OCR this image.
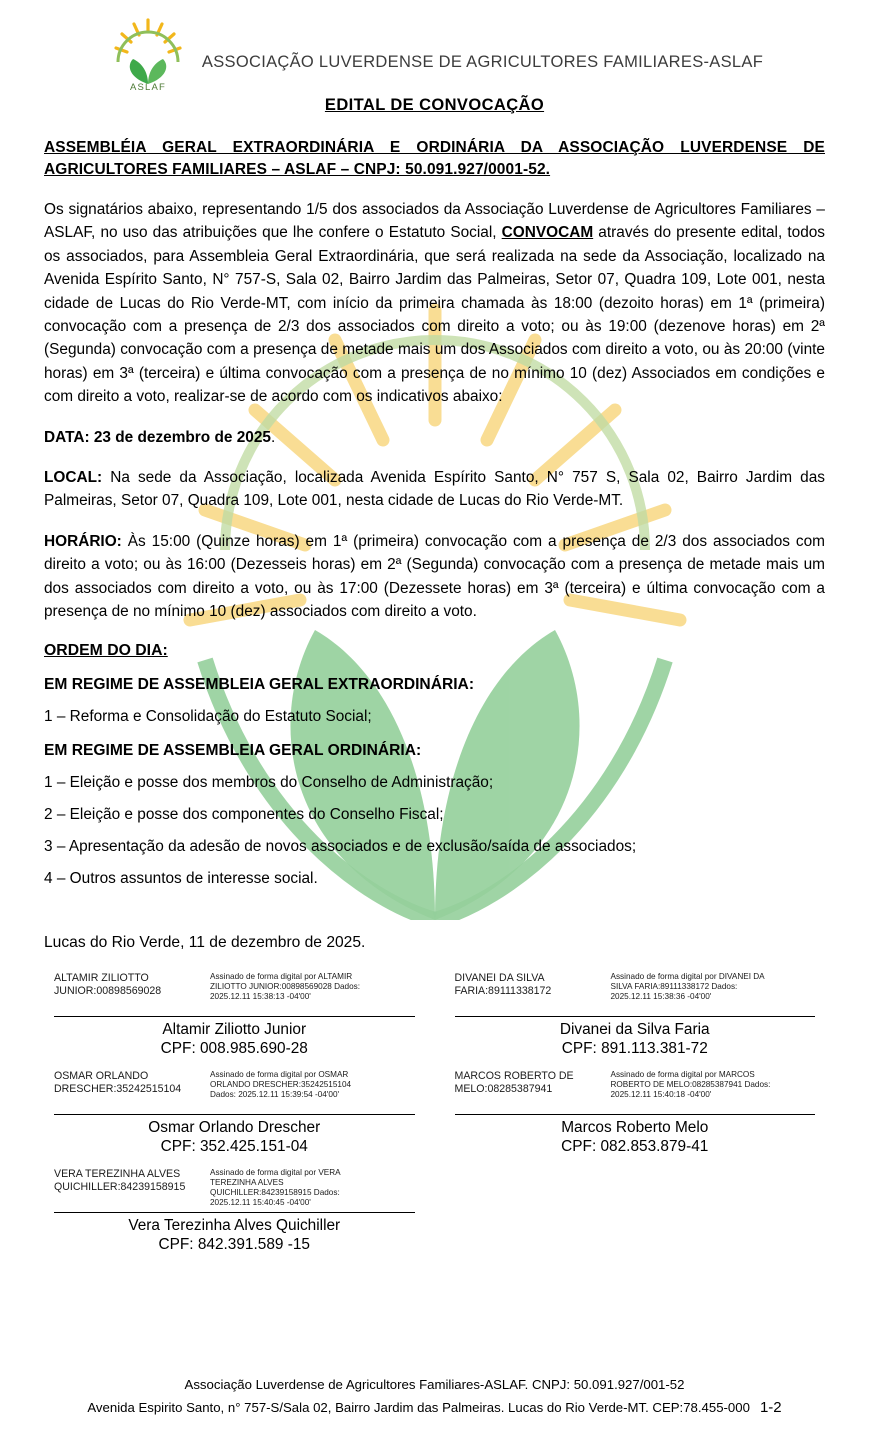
ASLAF
ASSOCIAÇÃO LUVERDENSE DE AGRICULTORES FAMILIARES-ASLAF
EDITAL DE CONVOCAÇÃO
ASSEMBLÉIA GERAL EXTRAORDINÁRIA E ORDINÁRIA DA ASSOCIAÇÃO LUVERDENSE DE AGRICULTORES FAMILIARES – ASLAF – CNPJ: 50.091.927/0001-52.

Os signatários abaixo, representando 1/5 dos associados da Associação Luverdense de Agricultores Familiares – ASLAF, no uso das atribuições que lhe confere o Estatuto Social, CONVOCAM através do presente edital, todos os associados, para Assembleia Geral Extraordinária, que será realizada na sede da Associação, localizado na Avenida Espírito Santo, N° 757-S, Sala 02, Bairro Jardim das Palmeiras, Setor 07, Quadra 109, Lote 001, nesta cidade de Lucas do Rio Verde-MT, com início da primeira chamada às 18:00 (dezoito horas) em 1ª (primeira) convocação com a presença de 2/3 dos associados com direito a voto; ou às 19:00 (dezenove horas) em 2ª (Segunda) convocação com a presença de metade mais um dos Associados com direito a voto, ou às 20:00 (vinte horas) em 3ª (terceira) e última convocação com a presença de no mínimo 10 (dez) Associados em condições e com direito a voto, realizar-se de acordo com os indicativos abaixo:

DATA: 23 de dezembro de 2025.
LOCAL: Na sede da Associação, localizada Avenida Espírito Santo, N° 757 S, Sala 02, Bairro Jardim das Palmeiras, Setor 07, Quadra 109, Lote 001, nesta cidade de Lucas do Rio Verde-MT.
HORÁRIO: Às 15:00 (Quinze horas) em 1ª (primeira) convocação com a presença de 2/3 dos associados com direito a voto; ou às 16:00 (Dezesseis horas) em 2ª (Segunda) convocação com a presença de metade mais um dos associados com direito a voto, ou às 17:00 (Dezessete horas) em 3ª (terceira) e última convocação com a presença de no mínimo 10 (dez) associados com direito a voto.
ORDEM DO DIA:
EM REGIME DE ASSEMBLEIA GERAL EXTRAORDINÁRIA:
1 – Reforma e Consolidação do Estatuto Social;
EM REGIME DE ASSEMBLEIA GERAL ORDINÁRIA:
1 – Eleição e posse dos membros do Conselho de Administração;
2 – Eleição e posse dos componentes do Conselho Fiscal;
3 – Apresentação da adesão de novos associados e de exclusão/saída de associados;
4 – Outros assuntos de interesse social.
Lucas do Rio Verde, 11 de dezembro de 2025.
ALTAMIR ZILIOTTO JUNIOR:00898569028
Assinado de forma digital por ALTAMIR ZILIOTTO JUNIOR:00898569028 Dados: 2025.12.11 15:38:13 -04'00'
Altamir Ziliotto Junior
CPF: 008.985.690-28
DIVANEI DA SILVA FARIA:89111338172
Assinado de forma digital por DIVANEI DA SILVA FARIA:89111338172 Dados: 2025.12.11 15:38:36 -04'00'
Divanei da Silva Faria
CPF: 891.113.381-72
OSMAR ORLANDO DRESCHER:35242515104
Assinado de forma digital por OSMAR ORLANDO DRESCHER:35242515104 Dados: 2025.12.11 15:39:54 -04'00'
Osmar Orlando Drescher
CPF: 352.425.151-04
MARCOS ROBERTO DE MELO:08285387941
Assinado de forma digital por MARCOS ROBERTO DE MELO:08285387941 Dados: 2025.12.11 15:40:18 -04'00'
Marcos Roberto Melo
CPF: 082.853.879-41
VERA TEREZINHA ALVES QUICHILLER:84239158915
Assinado de forma digital por VERA TEREZINHA ALVES QUICHILLER:84239158915 Dados: 2025.12.11 15:40:45 -04'00'
Vera Terezinha Alves Quichiller
CPF: 842.391.589 -15
Associação Luverdense de Agricultores Familiares-ASLAF. CNPJ: 50.091.927/001-52
Avenida Espirito Santo, n° 757-S/Sala 02, Bairro Jardim das Palmeiras. Lucas do Rio Verde-MT. CEP:78.455-000 1-2
